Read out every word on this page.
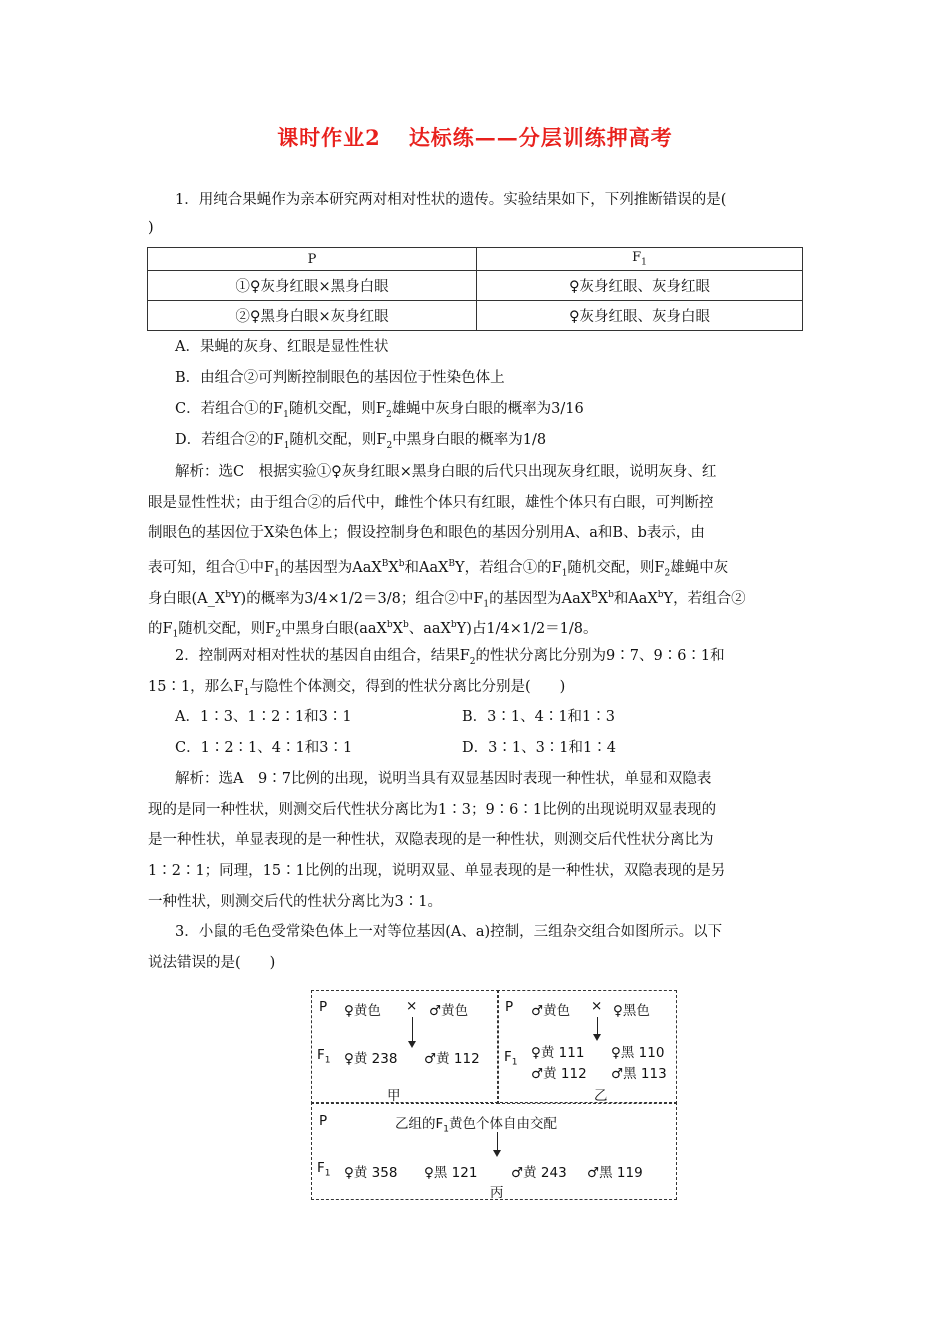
课时作业2 达标练——分层训练押高考
1．用纯合果蝇作为亲本研究两对相对性状的遗传。实验结果如下，下列推断错误的是(
)
P	$F_1$
①♀灰身红眼×黑身白眼	♀灰身红眼、灰身红眼
②♀黑身白眼×灰身红眼	♀灰身红眼、灰身白眼
A．果蝇的灰身、红眼是显性性状
B．由组合②可判断控制眼色的基因位于性染色体上
C．若组合①的$F_1$随机交配，则$F_2$雄蝇中灰身白眼的概率为3/16
D．若组合②的$F_1$随机交配，则$F_2$中黑身白眼的概率为1/8
解析：选C　根据实验①♀灰身红眼×黑身白眼的后代只出现灰身红眼，说明灰身、红
眼是显性性状；由于组合②的后代中，雌性个体只有红眼，雄性个体只有白眼，可判断控
制眼色的基因位于X染色体上；假设控制身色和眼色的基因分别用A、a和B、b表示，由
表可知，组合①中$F_1$的基因型为$AaX^BX^b$和AaX$^B$Y，若组合①的$F_1$随机交配，则$F_2$雄蝇中灰
身白眼$(A\_X^bY)$的概率为3/4×1/2＝3/8；组合②中$F_1$的基因型为$AaX^BX^b$和AaX$^b$Y，若组合②
的$F_1$随机交配，则$F_2$中黑身白眼($aaX^bX^b$、aaX$^b$Y)占1/4×1/2＝1/8。
2．控制两对相对性状的基因自由组合，结果$F_2$的性状分离比分别为9∶7、9∶6∶1和
15∶1，那么$F_1$与隐性个体测交，得到的性状分离比分别是(　　)
A．1∶3、1∶2∶1和3∶1	B．3∶1、4∶1和1∶3
C．1∶2∶1、4∶1和3∶1	D．3∶1、3∶1和1∶4
解析：选A　9∶7比例的出现，说明当具有双显基因时表现一种性状，单显和双隐表
现的是同一种性状，则测交后代性状分离比为1∶3；9∶6∶1比例的出现说明双显表现的
是一种性状，单显表现的是一种性状，双隐表现的是一种性状，则测交后代性状分离比为
1∶2∶1；同理，15∶1比例的出现，说明双显、单显表现的是一种性状，双隐表现的是另
一种性状，则测交后代的性状分离比为3∶1。
3．小鼠的毛色受常染色体上一对等位基因(A、a)控制，三组杂交组合如图所示。以下
说法错误的是(　　)
P ♀黄色 × ♂黄色
$F_1$ ♀黄 238 ♂黄 112
甲
P ♂黄色 × ♀黑色
$F_1$
♀黄 111 ♀黑 110
♂黄 112 ♂黑 113
乙
P	乙组的$F_1$黄色个体自由交配
$F_1$ ♀黄 358 ♀黑 121 ♂黄 243 ♂黑 119
丙
